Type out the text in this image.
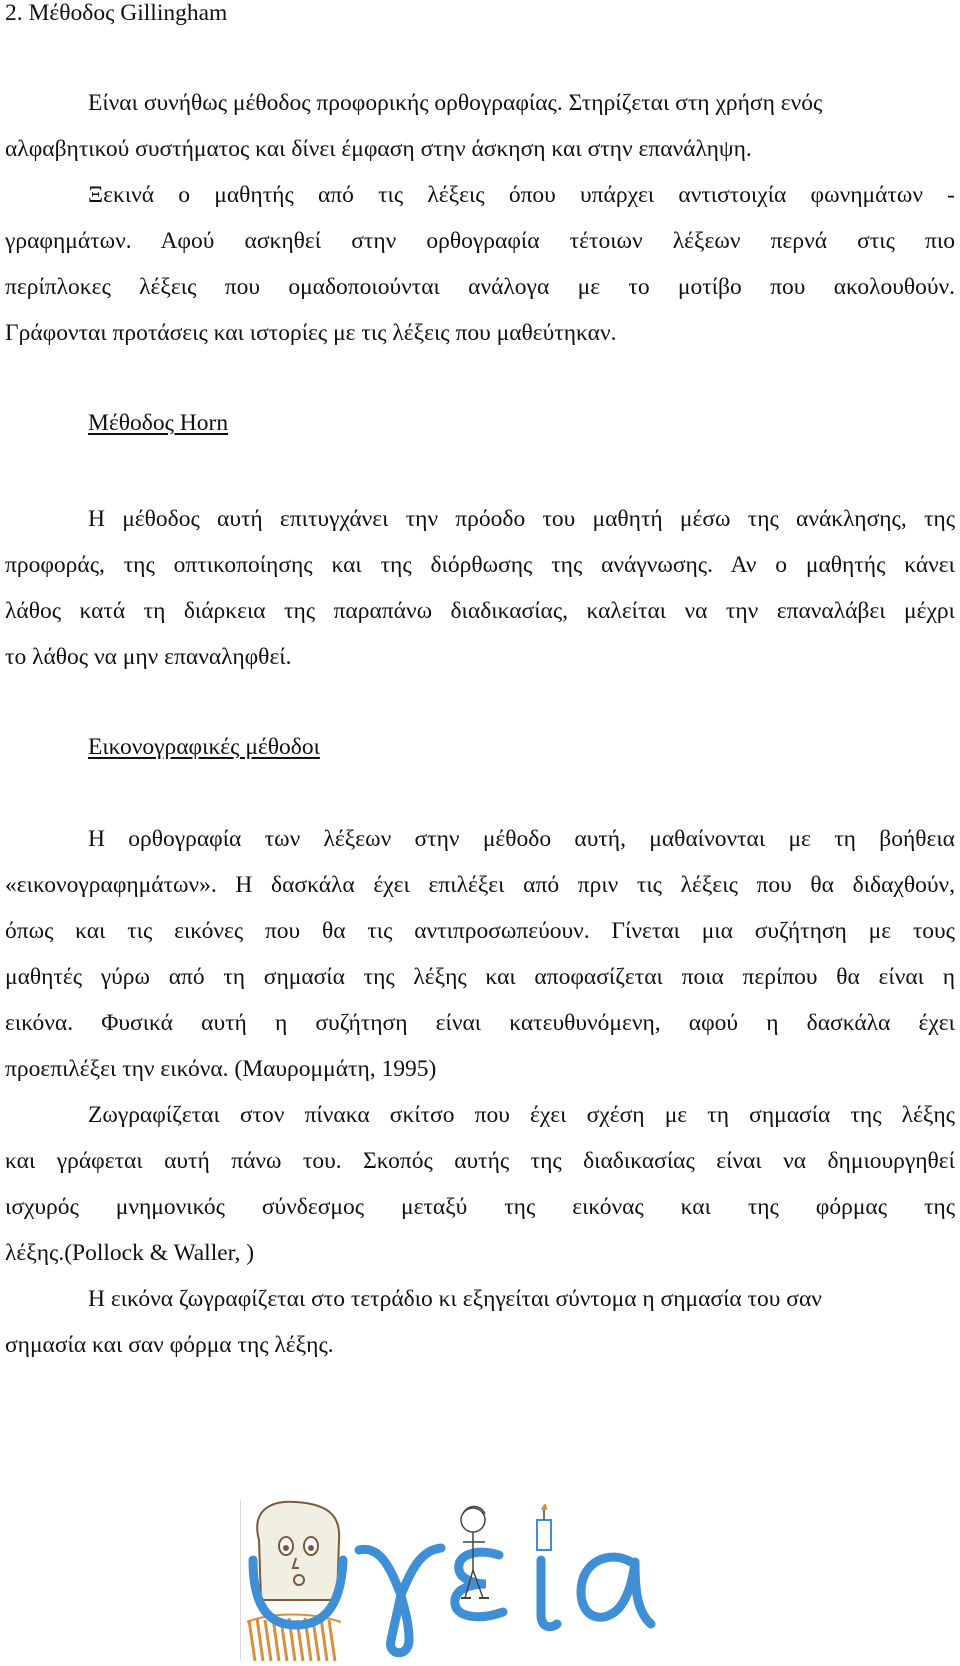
2. Μέθοδος Gillingham
Είναι συνήθως μέθοδος προφορικής ορθογραφίας. Στηρίζεται στη χρήση ενός
αλφαβητικού συστήματος και δίνει έμφαση στην άσκηση και στην επανάληψη.
Ξεκινά ο μαθητής από τις λέξεις όπου υπάρχει αντιστοιχία φωνημάτων -
γραφημάτων. Αφού ασκηθεί στην ορθογραφία τέτοιων λέξεων περνά στις πιο
περίπλοκες λέξεις που ομαδοποιούνται ανάλογα με το μοτίβο που ακολουθούν.
Γράφονται προτάσεις και ιστορίες με τις λέξεις που μαθεύτηκαν.
Μέθοδος Horn
Η μέθοδος αυτή επιτυγχάνει την πρόοδο του μαθητή μέσω της ανάκλησης, της
προφοράς, της οπτικοποίησης και της διόρθωσης της ανάγνωσης. Αν ο μαθητής κάνει
λάθος κατά τη διάρκεια της παραπάνω διαδικασίας, καλείται να την επαναλάβει μέχρι
το λάθος να μην επαναληφθεί.
Εικονογραφικές μέθοδοι
Η ορθογραφία των λέξεων στην μέθοδο αυτή, μαθαίνονται με τη βοήθεια
«εικονογραφημάτων». Η δασκάλα έχει επιλέξει από πριν τις λέξεις που θα διδαχθούν,
όπως και τις εικόνες που θα τις αντιπροσωπεύουν. Γίνεται μια συζήτηση με τους
μαθητές γύρω από τη σημασία της λέξης και αποφασίζεται ποια περίπου θα είναι η
εικόνα. Φυσικά αυτή η συζήτηση είναι κατευθυνόμενη, αφού η δασκάλα έχει
προεπιλέξει την εικόνα. (Μαυρομμάτη, 1995)
Ζωγραφίζεται στον πίνακα σκίτσο που έχει σχέση με τη σημασία της λέξης
και γράφεται αυτή πάνω του. Σκοπός αυτής της διαδικασίας είναι να δημιουργηθεί
ισχυρός μνημονικός σύνδεσμος μεταξύ της εικόνας και της φόρμας της
λέξης.(Pollock & Waller, )
Η εικόνα ζωγραφίζεται στο τετράδιο κι εξηγείται σύντομα η σημασία του σαν
σημασία και σαν φόρμα της λέξης.
